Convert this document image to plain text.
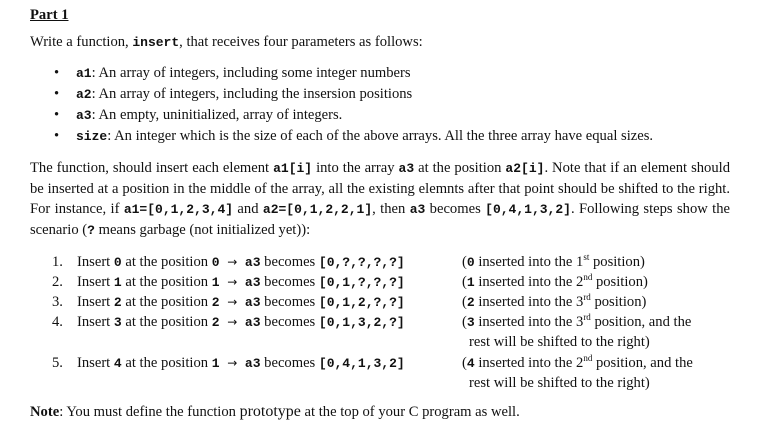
Part 1
Write a function, insert, that receives four parameters as follows:
• a1: An array of integers, including some integer numbers
• a2: An array of integers, including the insersion positions
• a3: An empty, uninitialized, array of integers.
• size: An integer which is the size of each of the above arrays. All the three array have equal sizes.

The function, should insert each element a1[i] into the array a3 at the position a2[i]. Note that if an element should be inserted at a position in the middle of the array, all the existing elemnts after that point should be shifted to the right. For instance, if a1=[0,1,2,3,4] and a2=[0,1,2,2,1], then a3 becomes [0,4,1,3,2]. Following steps show the scenario (? means garbage (not initialized yet)):

1. Insert 0 at the position 0 → a3 becomes [0,?,?,?,?]	(0 inserted into the 1st position)
2. Insert 1 at the position 1 → a3 becomes [0,1,?,?,?]	(1 inserted into the 2nd position)
3. Insert 2 at the position 2 → a3 becomes [0,1,2,?,?]	(2 inserted into the 3rd position)
4. Insert 3 at the position 2 → a3 becomes [0,1,3,2,?]	(3 inserted into the 3rd position, and the
rest will be shifted to the right)
5. Insert 4 at the position 1 → a3 becomes [0,4,1,3,2]	(4 inserted into the 2nd position, and the
rest will be shifted to the right)
Note: You must define the function prototype at the top of your C program as well.
